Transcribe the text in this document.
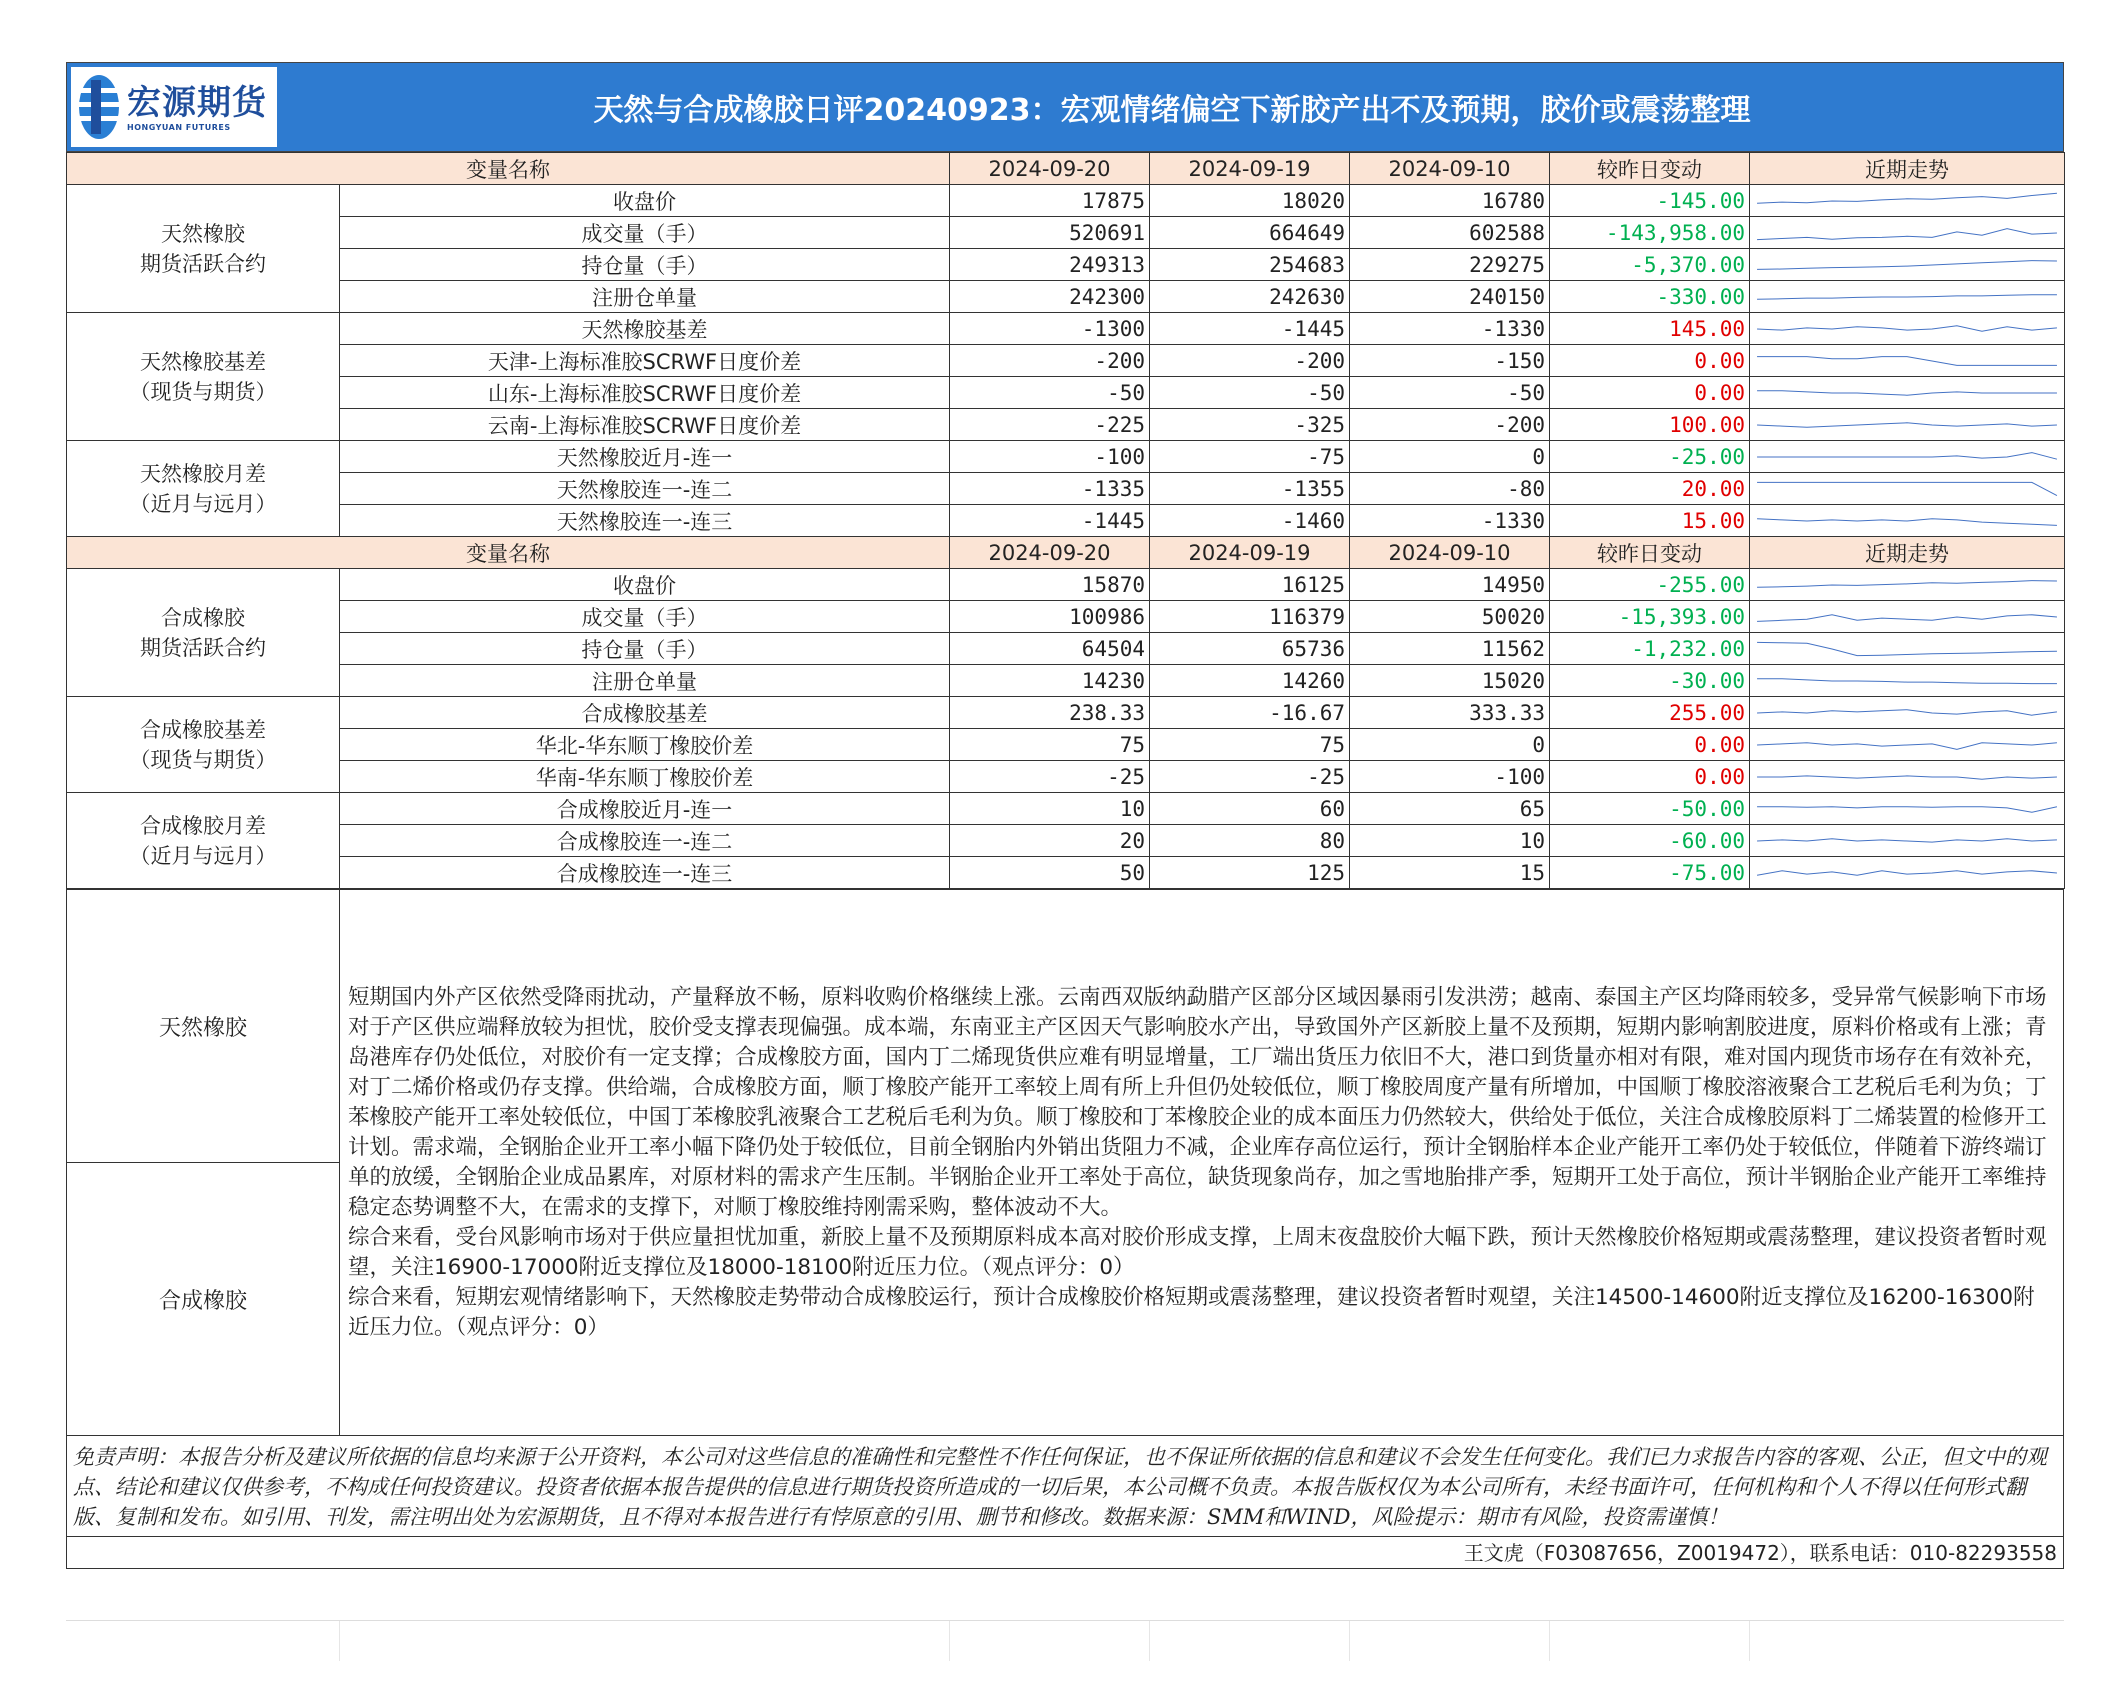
宏源期货
HONGYUAN FUTURES	天然与合成橡胶日评20240923：宏观情绪偏空下新胶产出不及预期，胶价或震荡整理
变量名称		2024-09-20	2024-09-19	2024-09-10	较昨日变动	近期走势

天然橡胶
期货活跃合约	收盘价	17875	18020	16780	-145.00	

	成交量（手）	520691	664649	602588	-143,958.00	

	持仓量（手）	249313	254683	229275	-5,370.00	

	注册仓单量	242300	242630	240150	-330.00	

天然橡胶基差
（现货与期货）	天然橡胶基差	-1300	-1445	-1330	145.00	

	天津-上海标准胶SCRWF日度价差	-200	-200	-150	0.00	

	山东-上海标准胶SCRWF日度价差	-50	-50	-50	0.00	

	云南-上海标准胶SCRWF日度价差	-225	-325	-200	100.00	

天然橡胶月差
（近月与远月）	天然橡胶近月-连一	-100	-75	0	-25.00	

	天然橡胶连一-连二	-1335	-1355	-80	20.00	

	天然橡胶连一-连三	-1445	-1460	-1330	15.00	

变量名称		2024-09-20	2024-09-19	2024-09-10	较昨日变动	近期走势

合成橡胶
期货活跃合约	收盘价	15870	16125	14950	-255.00	

	成交量（手）	100986	116379	50020	-15,393.00	

	持仓量（手）	64504	65736	11562	-1,232.00	

	注册仓单量	14230	14260	15020	-30.00	

合成橡胶基差
（现货与期货）	合成橡胶基差	238.33	-16.67	333.33	255.00	

	华北-华东顺丁橡胶价差	75	75	0	0.00	

	华南-华东顺丁橡胶价差	-25	-25	-100	0.00	

合成橡胶月差
（近月与远月）	合成橡胶近月-连一	10	60	65	-50.00	

	合成橡胶连一-连二	20	80	10	-60.00	

	合成橡胶连一-连三	50	125	15	-75.00	
天然橡胶	
短期国内外产区依然受降雨扰动，产量释放不畅，原料收购价格继续上涨。云南西双版纳勐腊产区部分区域因暴雨引发洪涝；越南、泰国主产区均降雨较多，受异常气候影响下市场对于产区供应端释放较为担忧，胶价受支撑表现偏强。成本端，东南亚主产区因天气影响胶水产出，导致国外产区新胶上量不及预期，短期内影响割胶进度，原料价格或有上涨；青岛港库存仍处低位，对胶价有一定支撑；合成橡胶方面，国内丁二烯现货供应难有明显增量，工厂端出货压力依旧不大，港口到货量亦相对有限，难对国内现货市场存在有效补充，对丁二烯价格或仍存支撑。供给端，合成橡胶方面，顺丁橡胶产能开工率较上周有所上升但仍处较低位，顺丁橡胶周度产量有所增加，中国顺丁橡胶溶液聚合工艺税后毛利为负；丁苯橡胶产能开工率处较低位，中国丁苯橡胶乳液聚合工艺税后毛利为负。顺丁橡胶和丁苯橡胶企业的成本面压力仍然较大，供给处于低位，关注合成橡胶原料丁二烯装置的检修开工计划。需求端，全钢胎企业开工率小幅下降仍处于较低位，目前全钢胎内外销出货阻力不减，企业库存高位运行，预计全钢胎样本企业产能开工率仍处于较低位，伴随着下游终端订单的放缓，全钢胎企业成品累库，对原材料的需求产生压制。半钢胎企业开工率处于高位，缺货现象尚存，加之雪地胎排产季，短期开工处于高位，预计半钢胎企业产能开工率维持稳定态势调整不大，在需求的支撑下，对顺丁橡胶维持刚需采购，整体波动不大。
综合来看，受台风影响市场对于供应量担忧加重，新胶上量不及预期原料成本高对胶价形成支撑，上周末夜盘胶价大幅下跌，预计天然橡胶价格短期或震荡整理，建议投资者暂时观望，关注16900-17000附近支撑位及18000-18100附近压力位。（观点评分：0）
综合来看，短期宏观情绪影响下，天然橡胶走势带动合成橡胶运行，预计合成橡胶价格短期或震荡整理，建议投资者暂时观望，关注14500-14600附近支撑位及16200-16300附近压力位。（观点评分：0）

合成橡胶
免责声明：本报告分析及建议所依据的信息均来源于公开资料，本公司对这些信息的准确性和完整性不作任何保证，也不保证所依据的信息和建议不会发生任何变化。我们已力求报告内容的客观、公正，但文中的观点、结论和建议仅供参考，不构成任何投资建议。投资者依据本报告提供的信息进行期货投资所造成的一切后果，本公司概不负责。本报告版权仅为本公司所有，未经书面许可，任何机构和个人不得以任何形式翻版、复制和发布。如引用、刊发，需注明出处为宏源期货，且不得对本报告进行有悖原意的引用、删节和修改。数据来源：SMM和WIND，风险提示：期市有风险，投资需谨慎！
王文虎（F03087656，Z0019472），联系电话：010-82293558
